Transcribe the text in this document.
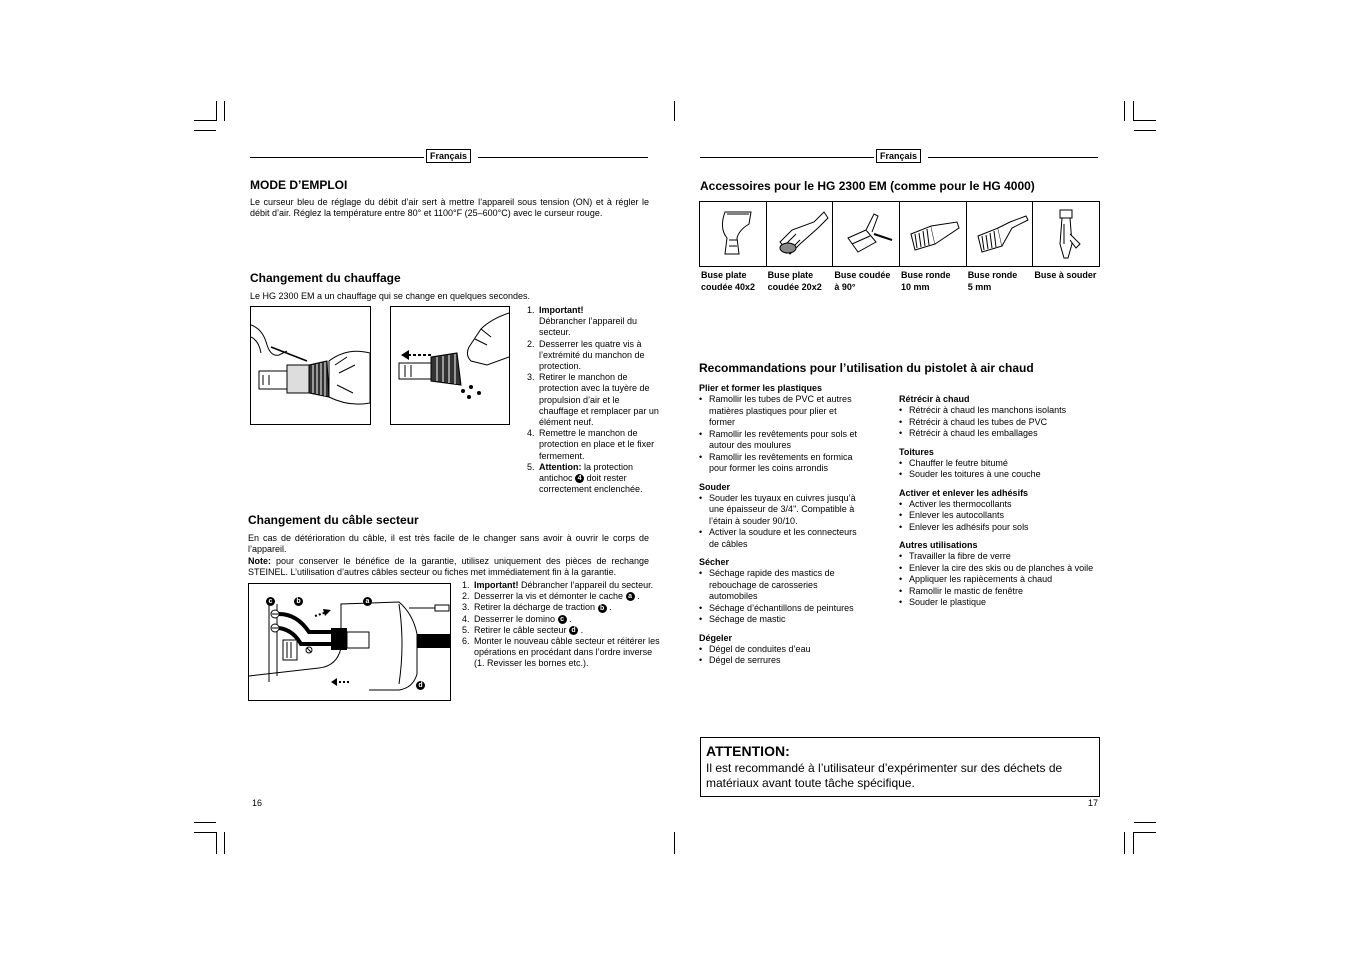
Français
MODE D’EMPLOI
Le curseur bleu de réglage du débit d’air sert à mettre l’appareil sous tension (ON) et à régler le débit d’air. Réglez la température entre 80° et 1100°F (25–600°C) avec le curseur rouge.
Changement du chauffage
Le HG 2300 EM a un chauffage qui se change en quelques secondes.
1. Important!
Débrancher l’appareil du secteur.
2. Desserrer les quatre vis à l’extrémité du manchon de protection.
3. Retirer le manchon de protection avec la tuyère de propulsion d’air et le chauffage et remplacer par un élément neuf.
4. Remettre le manchon de protection en place et le fixer fermement.
5. Attention: la protection antichoc 4 doit rester correctement enclenchée.
Changement du câble secteur
En cas de détérioration du câble, il est très facile de le changer sans avoir à ouvrir le corps de l’appareil.
Note: pour conserver le bénéfice de la garantie, utilisez uniquement des pièces de rechange STEINEL. L’utilisation d’autres câbles secteur ou fiches met immédiatement fin à la garantie.
c	b	a
d
1. Important! Débrancher l’appareil du secteur.
2. Desserrer la vis et démonter le cache a .
3. Retirer la décharge de traction b .
4. Desserrer le domino c .
5. Retirer le câble secteur d .
6. Monter le nouveau câble secteur et réitérer les opérations en procédant dans l’ordre inverse (1. Revisser les bornes etc.).
16
Français
Accessoires pour le HG 2300 EM (comme pour le HG 4000)
Buse plate
coudée 40x2
Buse plate
coudée 20x2
Buse coudée
à 90°
Buse ronde
10 mm
Buse ronde
5 mm
Buse à souder
Recommandations pour l’utilisation du pistolet à air chaud
Plier et former les plastiques
• Ramollir les tubes de PVC et autres matières plastiques pour plier et former
• Ramollir les revêtements pour sols et autour des moulures
• Ramollir les revêtements en formica pour former les coins arrondis
Souder
• Souder les tuyaux en cuivres jusqu’à une épaisseur de 3/4". Compatible à l’étain à souder 90/10.
• Activer la soudure et les connecteurs de câbles
Sécher
• Séchage rapide des mastics de rebouchage de carosseries automobiles
• Séchage d’échantillons de peintures
• Séchage de mastic
Dégeler
• Dégel de conduites d’eau
• Dégel de serrures
Rétrécir à chaud
• Rétrécir à chaud les manchons isolants
• Rétrécir à chaud les tubes de PVC
• Rétrécir à chaud les emballages
Toitures
• Chauffer le feutre bitumé
• Souder les toitures à une couche
Activer et enlever les adhésifs
• Activer les thermocollants
• Enlever les autocollants
• Enlever les adhésifs pour sols
Autres utilisations
• Travailler la fibre de verre
• Enlever la cire des skis ou de planches à voile
• Appliquer les rapiècements à chaud
• Ramollir le mastic de fenêtre
• Souder le plastique
ATTENTION:
Il est recommandé à l’utilisateur d’expérimenter sur des déchets de matériaux avant toute tâche spécifique.
17
